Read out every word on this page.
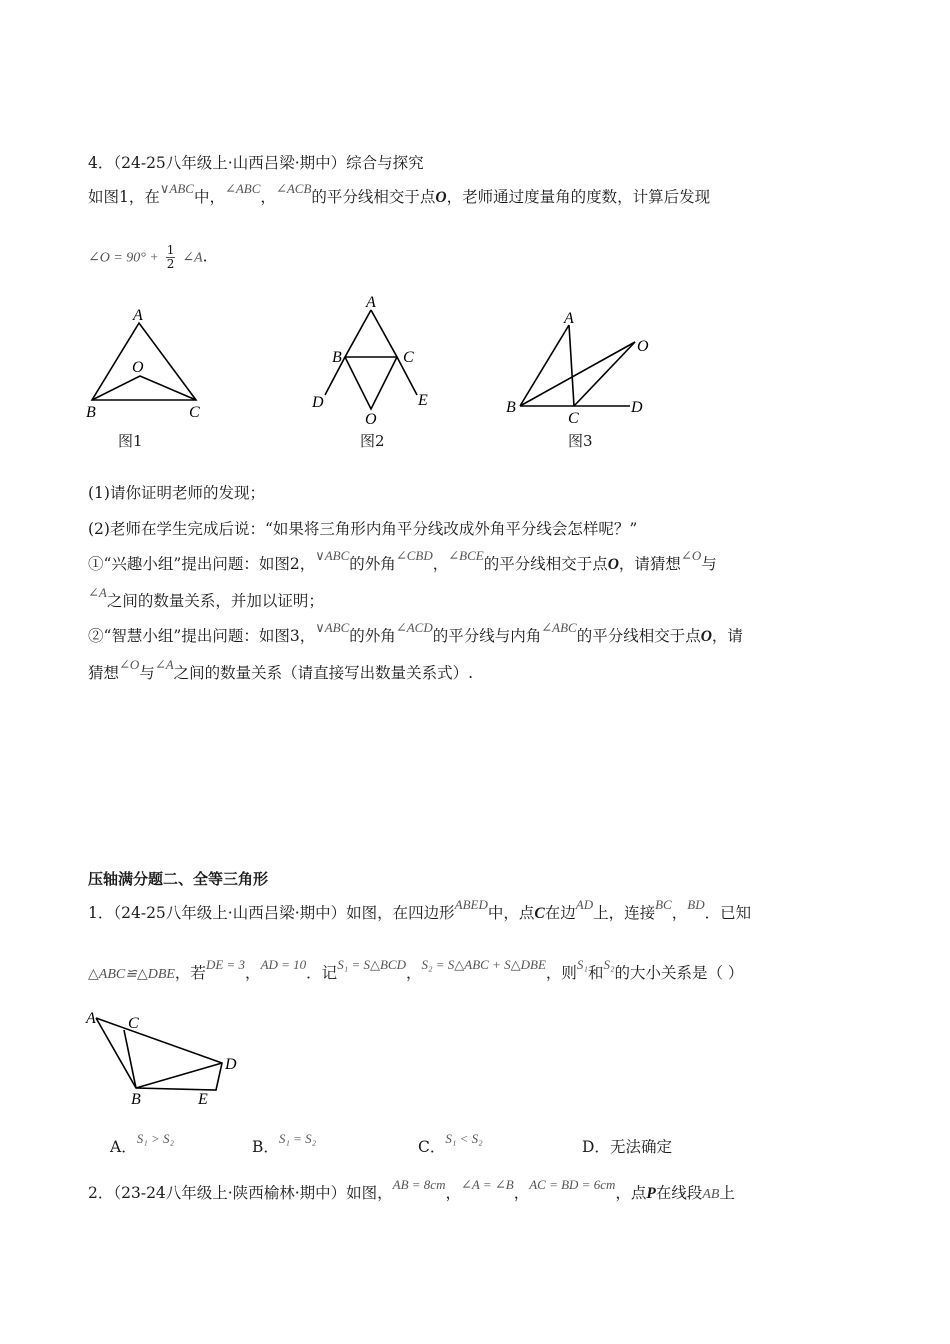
4．（24-25八年级上·山西吕梁·期中）综合与探究
如图1，在$^{\vee ABC}$中，$^{\angle ABC}$，$^{\angle ACB}$的平分线相交于点O，老师通过度量角的度数，计算后发现
∠O = $90^\circ + \frac{1}{2}$ ∠A.
A
O
B	C
图1
A
B	C
D	E
O
图2
A
O
B
C
D
图3
(1)请你证明老师的发现；
(2)老师在学生完成后说：“如果将三角形内角平分线改成外角平分线会怎样呢？”
①“兴趣小组”提出问题：如图2，$^{\vee ABC}$的外角$^{\angle CBD}$，$^{\angle BCE}$的平分线相交于点O，请猜想$^{\angle O}$与
$^{\angle A}$之间的数量关系，并加以证明；
②“智慧小组”提出问题：如图3，$^{\vee ABC}$的外角$^{\angle ACD}$的平分线与内角$^{\angle ABC}$的平分线相交于点O，请
猜想$^{\angle O}$与$^{\angle A}$之间的数量关系（请直接写出数量关系式）.
压轴满分题二、全等三角形
1．（24-25八年级上·山西吕梁·期中）如图，在四边形$^{ABED}$中，点C在边$^{AD}$上，连接$^{BC}$，$^{BD}$．已知
△ABC≌△DBE，若$^{DE = 3}$，$^{AD = 10}$．记$^{S_1 = S\triangle BCD}$，$^{S_2 = S\triangle ABC + S\triangle DBE}$，则$^{S_1}$和$^{S_2}$的大小关系是（ ）
A C
D
B	E
A．$^{S_1 > S_2}$	B．$^{S_1 = S_2}$	C．$^{S_1 < S_2}$	D．无法确定
2．（23-24八年级上·陕西榆林·期中）如图，$^{AB = 8cm}$，$^{\angle A = \angle B}$，$^{AC = BD = 6cm}$，点P在线段AB上
